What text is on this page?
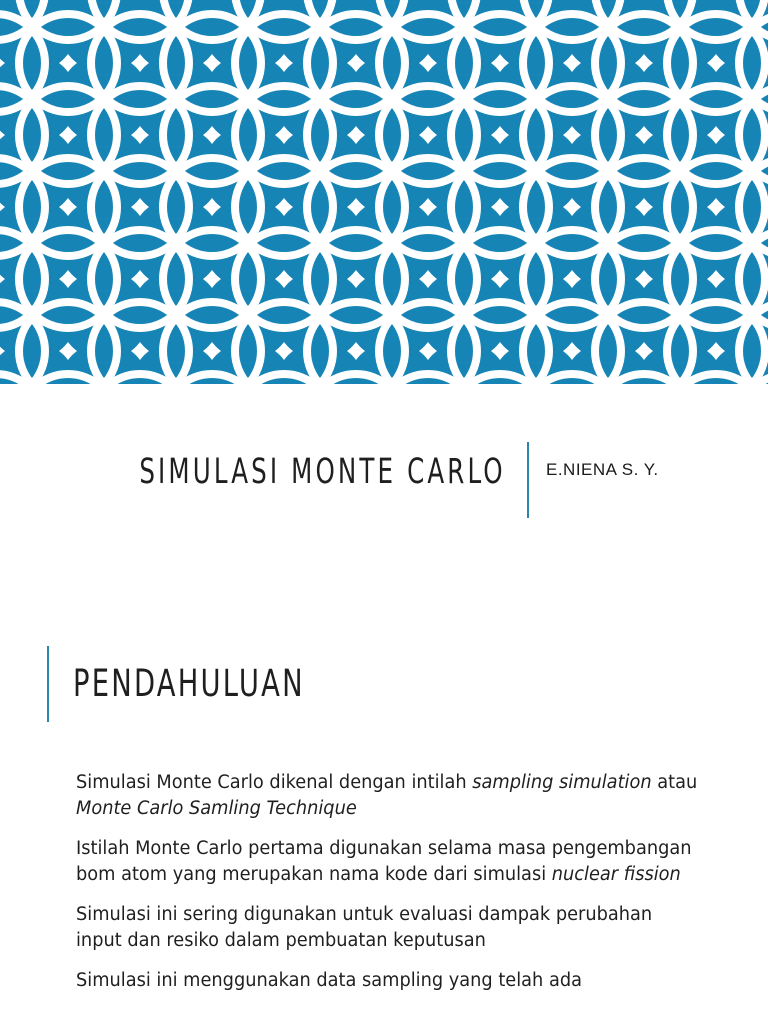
SIMULASI MONTE CARLO E.NIENA S. Y.
PENDAHULUAN
Simulasi Monte Carlo dikenal dengan intilah sampling simulation atau Monte Carlo Samling Technique
Istilah Monte Carlo pertama digunakan selama masa pengembangan bom atom yang merupakan nama kode dari simulasi nuclear fission
Simulasi ini sering digunakan untuk evaluasi dampak perubahan input dan resiko dalam pembuatan keputusan
Simulasi ini menggunakan data sampling yang telah ada
